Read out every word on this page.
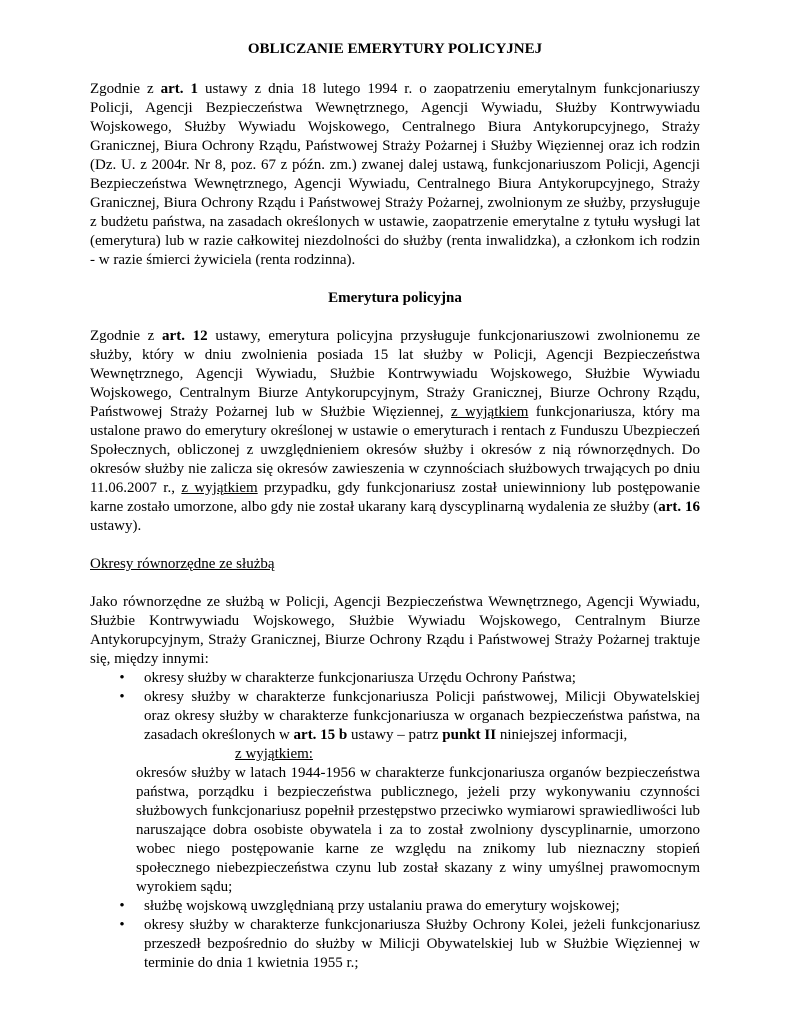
OBLICZANIE EMERYTURY POLICYJNEJ

Zgodnie z art. 1 ustawy z dnia 18 lutego 1994 r. o zaopatrzeniu emerytalnym funkcjonariuszy Policji, Agencji Bezpieczeństwa Wewnętrznego, Agencji Wywiadu, Służby Kontrwywiadu Wojskowego, Służby Wywiadu Wojskowego, Centralnego Biura Antykorupcyjnego, Straży Granicznej, Biura Ochrony Rządu, Państwowej Straży Pożarnej i Służby Więziennej oraz ich rodzin (Dz. U. z 2004r. Nr 8, poz. 67 z późn. zm.) zwanej dalej ustawą, funkcjonariuszom Policji, Agencji Bezpieczeństwa Wewnętrznego, Agencji Wywiadu, Centralnego Biura Antykorupcyjnego, Straży Granicznej, Biura Ochrony Rządu i Państwowej Straży Pożarnej, zwolnionym ze służby, przysługuje z budżetu państwa, na zasadach określonych w ustawie, zaopatrzenie emerytalne z tytułu wysługi lat (emerytura) lub w razie całkowitej niezdolności do służby (renta inwalidzka), a członkom ich rodzin - w razie śmierci żywiciela (renta rodzinna).

Emerytura policyjna

Zgodnie z art. 12 ustawy, emerytura policyjna przysługuje funkcjonariuszowi zwolnionemu ze służby, który w dniu zwolnienia posiada 15 lat służby w Policji, Agencji Bezpieczeństwa Wewnętrznego, Agencji Wywiadu, Służbie Kontrwywiadu Wojskowego, Służbie Wywiadu Wojskowego, Centralnym Biurze Antykorupcyjnym, Straży Granicznej, Biurze Ochrony Rządu, Państwowej Straży Pożarnej lub w Służbie Więziennej, z wyjątkiem funkcjonariusza, który ma ustalone prawo do emerytury określonej w ustawie o emeryturach i rentach z Funduszu Ubezpieczeń Społecznych, obliczonej z uwzględnieniem okresów służby i okresów z nią równorzędnych. Do okresów służby nie zalicza się okresów zawieszenia w czynnościach służbowych trwających po dniu 11.06.2007 r., z wyjątkiem przypadku, gdy funkcjonariusz został uniewinniony lub postępowanie karne zostało umorzone, albo gdy nie został ukarany karą dyscyplinarną wydalenia ze służby (art. 16 ustawy).

Okresy równorzędne ze służbą

Jako równorzędne ze służbą w Policji, Agencji Bezpieczeństwa Wewnętrznego, Agencji Wywiadu, Służbie Kontrwywiadu Wojskowego, Służbie Wywiadu Wojskowego, Centralnym Biurze Antykorupcyjnym, Straży Granicznej, Biurze Ochrony Rządu i Państwowej Straży Pożarnej traktuje się, między innymi:

• okresy służby w charakterze funkcjonariusza Urzędu Ochrony Państwa;
• okresy służby w charakterze funkcjonariusza Policji państwowej, Milicji Obywatelskiej oraz okresy służby w charakterze funkcjonariusza w organach bezpieczeństwa państwa, na zasadach określonych w art. 15 b ustawy – patrz punkt II niniejszej informacji,
z wyjątkiem:
okresów służby w latach 1944-1956 w charakterze funkcjonariusza organów bezpieczeństwa państwa, porządku i bezpieczeństwa publicznego, jeżeli przy wykonywaniu czynności służbowych funkcjonariusz popełnił przestępstwo przeciwko wymiarowi sprawiedliwości lub naruszające dobra osobiste obywatela i za to został zwolniony dyscyplinarnie, umorzono wobec niego postępowanie karne ze względu na znikomy lub nieznaczny stopień społecznego niebezpieczeństwa czynu lub został skazany z winy umyślnej prawomocnym wyrokiem sądu;
• służbę wojskową uwzględnianą przy ustalaniu prawa do emerytury wojskowej;
• okresy służby w charakterze funkcjonariusza Służby Ochrony Kolei, jeżeli funkcjonariusz przeszedł bezpośrednio do służby w Milicji Obywatelskiej lub w Służbie Więziennej w terminie do dnia 1 kwietnia 1955 r.;
